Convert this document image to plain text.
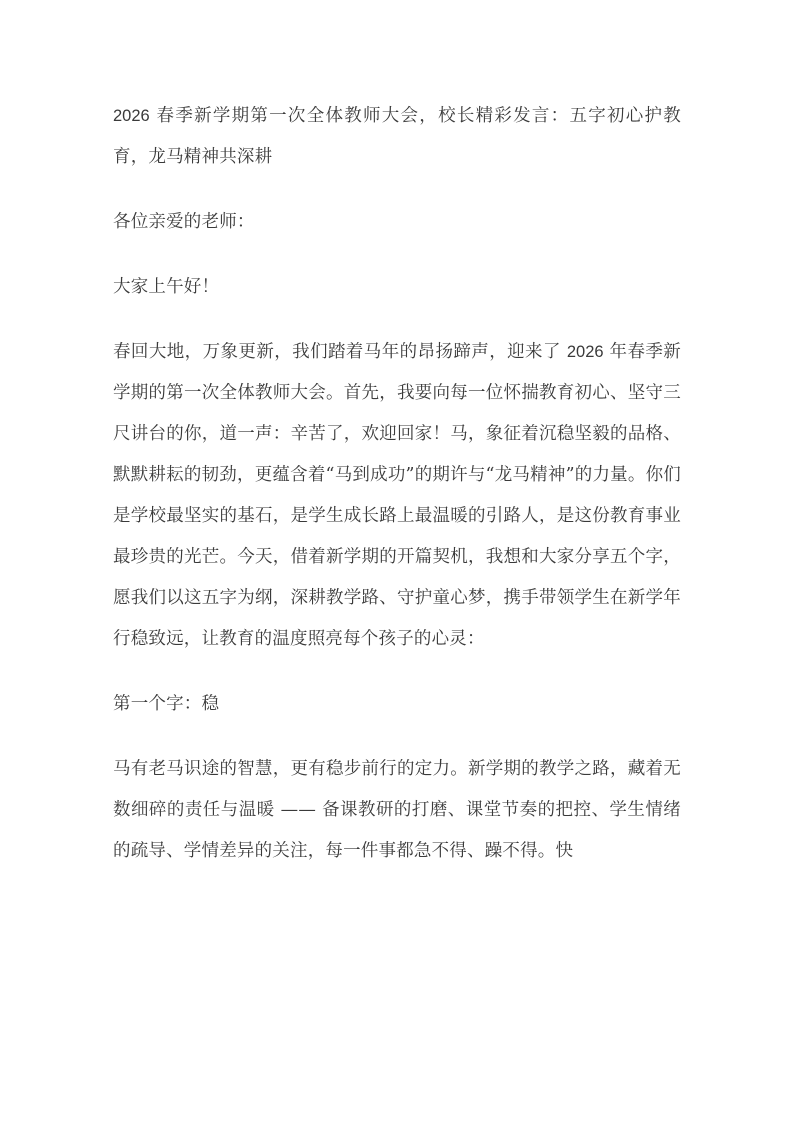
2026 春季新学期第一次全体教师大会，校长精彩发言：五字初心护教育，龙马精神共深耕

各位亲爱的老师：

大家上午好！

春回大地，万象更新，我们踏着马年的昂扬蹄声，迎来了 2026 年春季新学期的第一次全体教师大会。首先，我要向每一位怀揣教育初心、坚守三尺讲台的你，道一声：辛苦了，欢迎回家！马，象征着沉稳坚毅的品格、默默耕耘的韧劲，更蕴含着“马到成功”的期许与“龙马精神”的力量。你们是学校最坚实的基石，是学生成长路上最温暖的引路人，是这份教育事业最珍贵的光芒。今天，借着新学期的开篇契机，我想和大家分享五个字，愿我们以这五字为纲，深耕教学路、守护童心梦，携手带领学生在新学年行稳致远，让教育的温度照亮每个孩子的心灵：

第一个字：稳

马有老马识途的智慧，更有稳步前行的定力。新学期的教学之路，藏着无数细碎的责任与温暖 —— 备课教研的打磨、课堂节奏的把控、学生情绪的疏导、学情差异的关注，每一件事都急不得、躁不得。快
